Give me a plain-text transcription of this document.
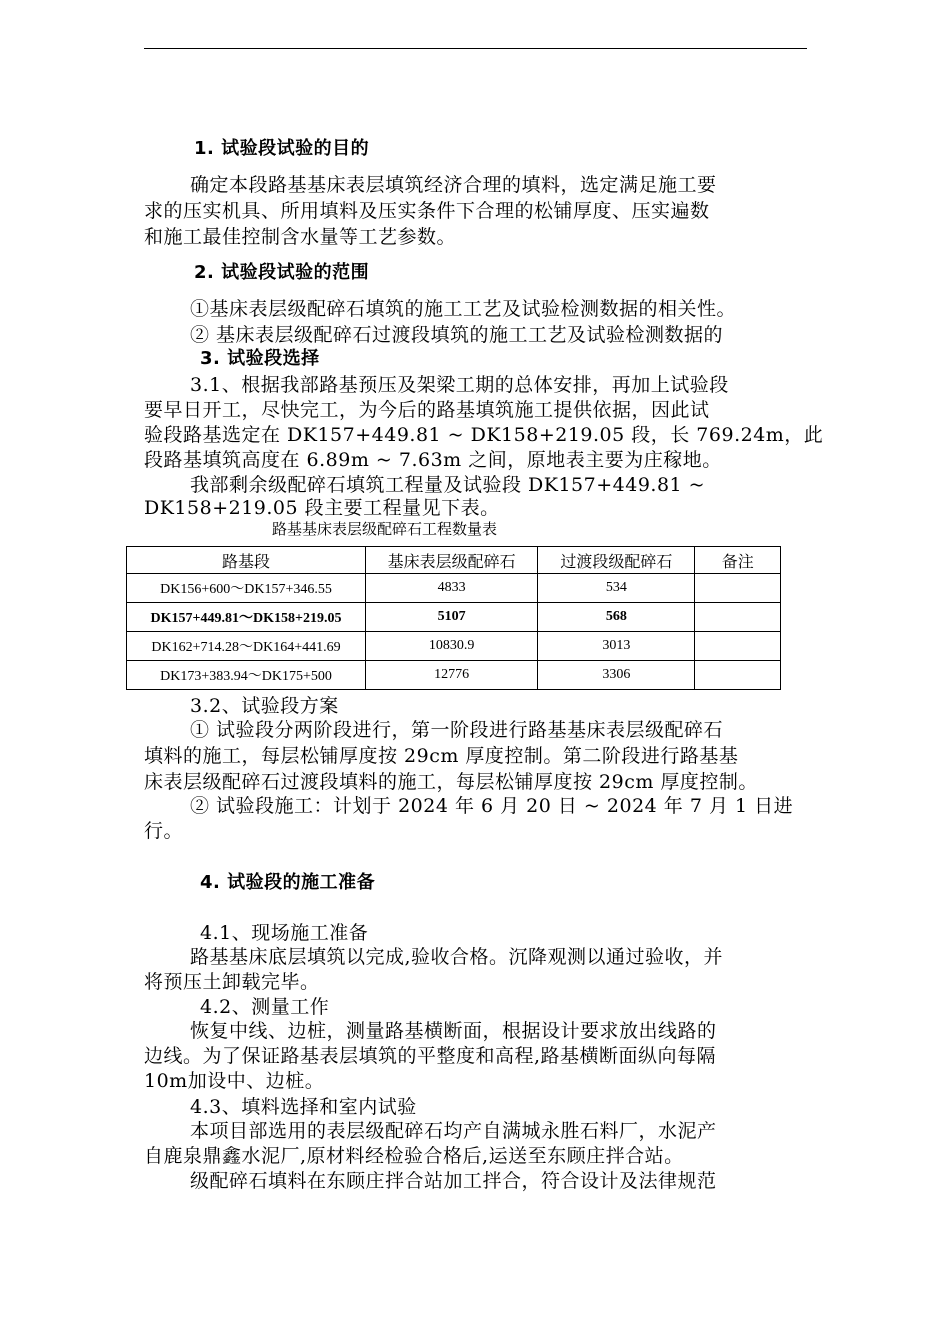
1. 试验段试验的目的
确定本段路基基床表层填筑经济合理的填料，选定满足施工要
求的压实机具、所用填料及压实条件下合理的松铺厚度、压实遍数
和施工最佳控制含水量等工艺参数。
2. 试验段试验的范围
①基床表层级配碎石填筑的施工工艺及试验检测数据的相关性。
② 基床表层级配碎石过渡段填筑的施工工艺及试验检测数据的
3. 试验段选择
3.1、根据我部路基预压及架梁工期的总体安排，再加上试验段
要早日开工，尽快完工，为今后的路基填筑施工提供依据，因此试
验段路基选定在 DK157+449.81 ~ DK158+219.05 段，长 769.24m，此
段路基填筑高度在 6.89m ~ 7.63m 之间，原地表主要为庄稼地。
我部剩余级配碎石填筑工程量及试验段 DK157+449.81 ~
DK158+219.05 段主要工程量见下表。
路基基床表层级配碎石工程数量表
路基段	基床表层级配碎石	过渡段级配碎石	备注
DK156+600～DK157+346.55	4833	534	
DK157+449.81～DK158+219.05	5107	568	
DK162+714.28～DK164+441.69	10830.9	3013	
DK173+383.94～DK175+500	12776	3306	
3.2、试验段方案
① 试验段分两阶段进行，第一阶段进行路基基床表层级配碎石
填料的施工，每层松铺厚度按 29cm 厚度控制。第二阶段进行路基基
床表层级配碎石过渡段填料的施工，每层松铺厚度按 29cm 厚度控制。
② 试验段施工：计划于 2024 年 6 月 20 日 ~ 2024 年 7 月 1 日进
行。
4. 试验段的施工准备
4.1、现场施工准备
路基基床底层填筑以完成,验收合格。沉降观测以通过验收，并
将预压土卸载完毕。
4.2、测量工作
恢复中线、边桩，测量路基横断面，根据设计要求放出线路的
边线。为了保证路基表层填筑的平整度和高程,路基横断面纵向每隔
10m加设中、边桩。
4.3、填料选择和室内试验
本项目部选用的表层级配碎石均产自满城永胜石料厂，水泥产
自鹿泉鼎鑫水泥厂,原材料经检验合格后,运送至东顾庄拌合站。
级配碎石填料在东顾庄拌合站加工拌合，符合设计及法律规范
